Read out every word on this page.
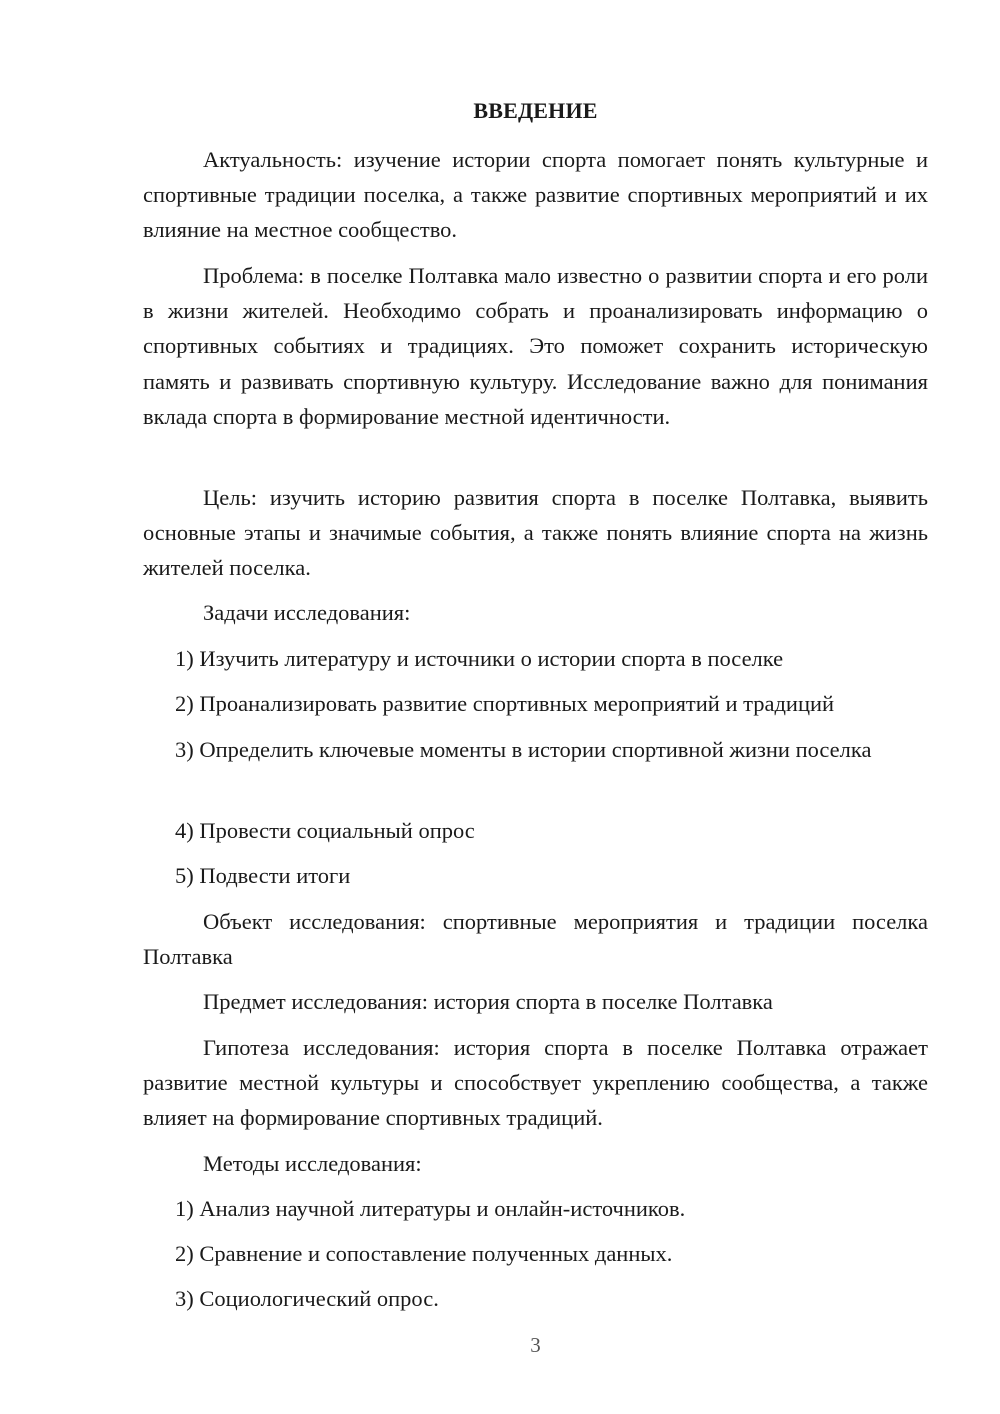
ВВЕДЕНИЕ

Актуальность: изучение истории спорта помогает понять культурные и спортивные традиции поселка, а также развитие спортивных мероприятий и их влияние на местное сообщество.

Проблема: в поселке Полтавка мало известно о развитии спорта и его роли в жизни жителей. Необходимо собрать и проанализировать информацию о спортивных событиях и традициях. Это поможет сохранить историческую память и развивать спортивную культуру. Исследование важно для понимания вклада спорта в формирование местной идентичности.

Цель: изучить историю развития спорта в поселке Полтавка, выявить основные этапы и значимые события, а также понять влияние спорта на жизнь жителей поселка.

Задачи исследования:

1) Изучить литературу и источники о истории спорта в поселке

2) Проанализировать развитие спортивных мероприятий и традиций

3) Определить ключевые моменты в истории спортивной жизни поселка

4) Провести социальный опрос

5) Подвести итоги

Объект исследования: спортивные мероприятия и традиции поселка Полтавка

Предмет исследования: история спорта в поселке Полтавка

Гипотеза исследования: история спорта в поселке Полтавка отражает развитие местной культуры и способствует укреплению сообщества, а также влияет на формирование спортивных традиций.

Методы исследования:

1) Анализ научной литературы и онлайн-источников.

2) Сравнение и сопоставление полученных данных.

3) Социологический опрос.

3
